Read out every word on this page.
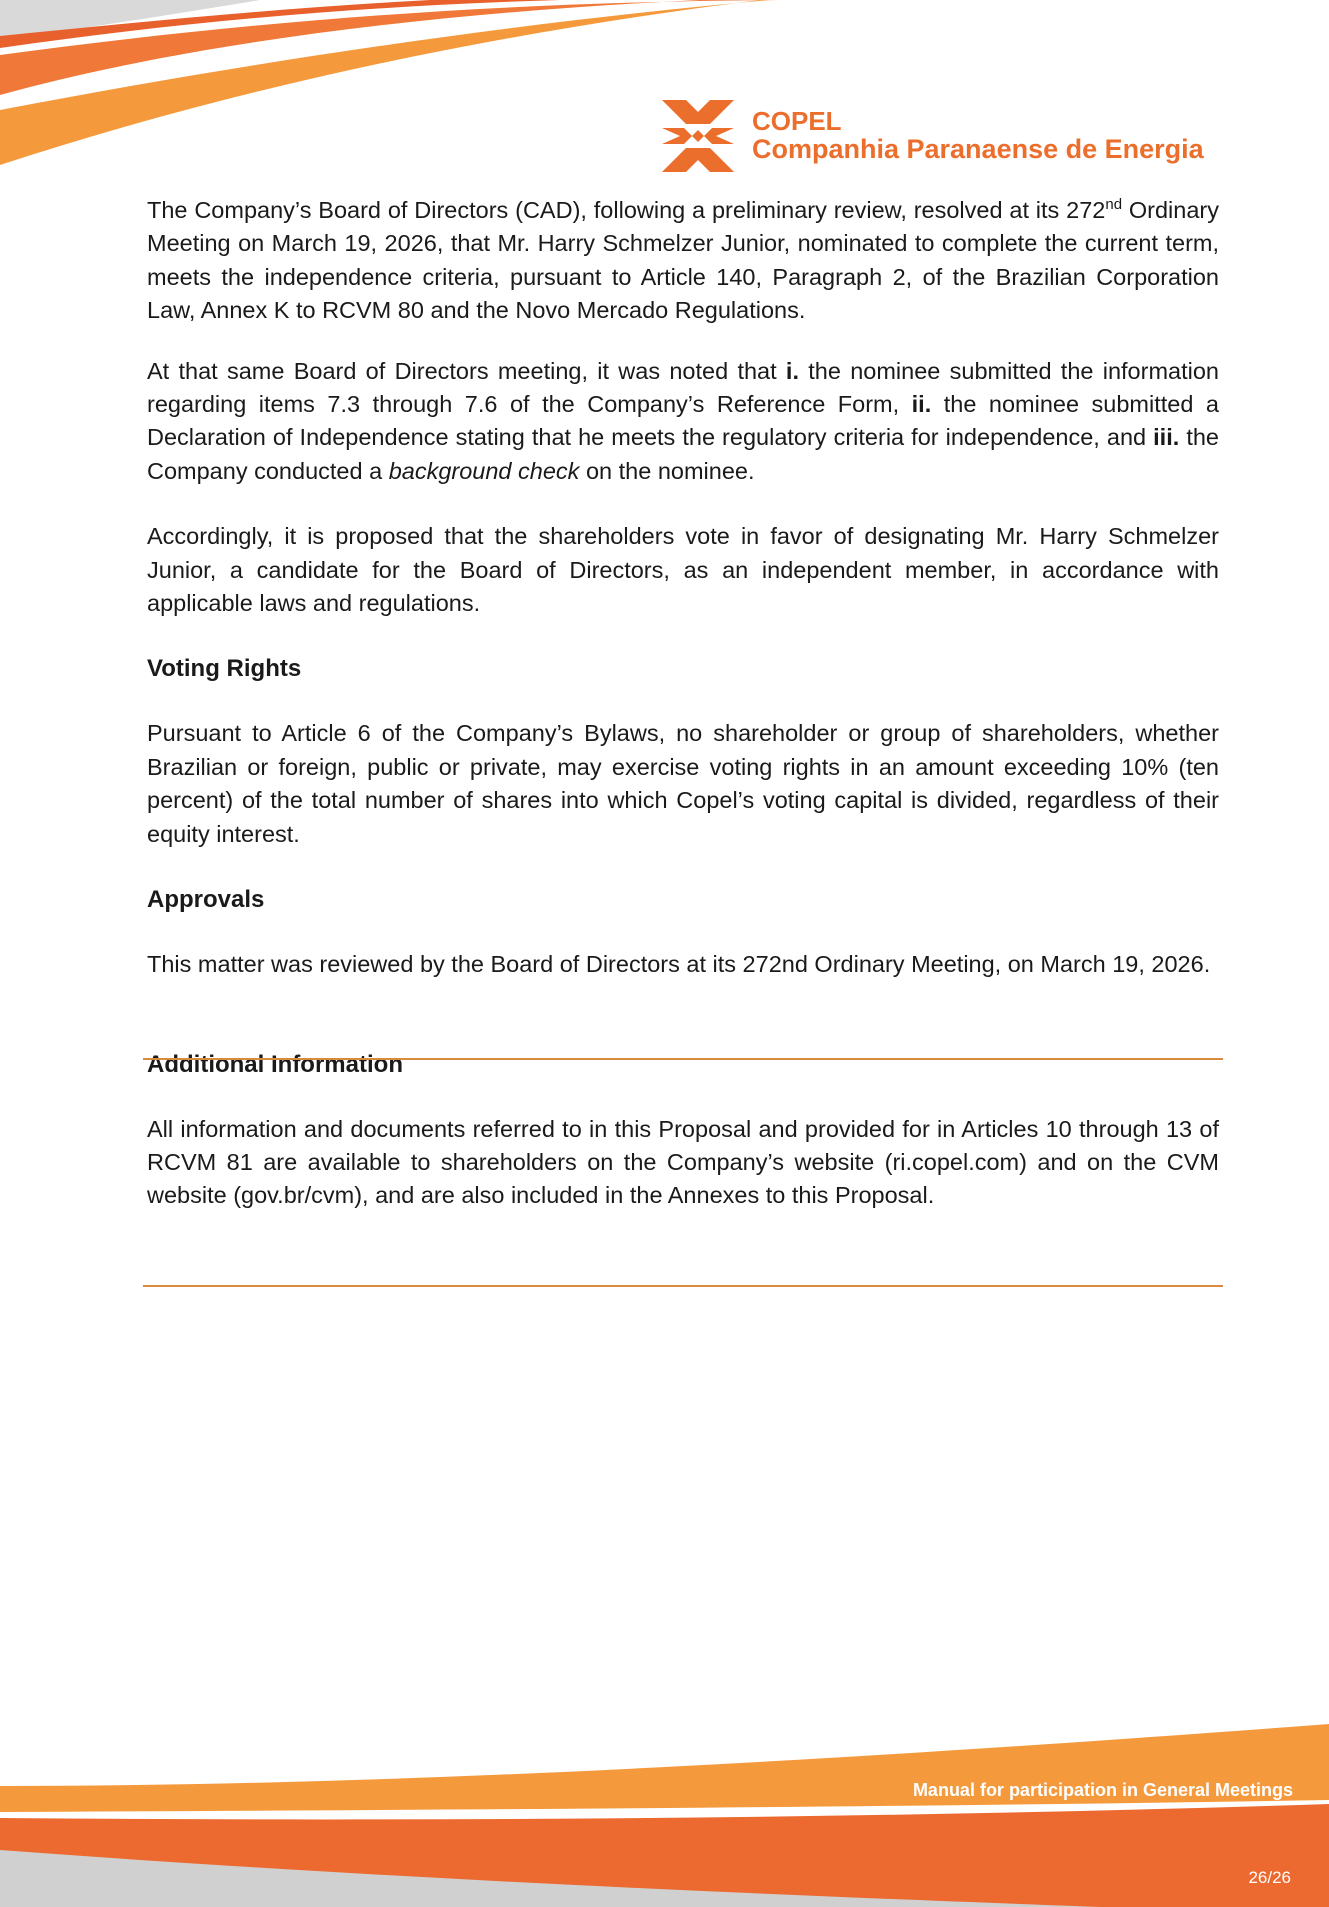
COPEL
Companhia Paranaense de Energia

The Company’s Board of Directors (CAD), following a preliminary review, resolved at its 272nd Ordinary Meeting on March 19, 2026, that Mr. Harry Schmelzer Junior, nominated to complete the current term, meets the independence criteria, pursuant to Article 140, Paragraph 2, of the Brazilian Corporation Law, Annex K to RCVM 80 and the Novo Mercado Regulations.

At that same Board of Directors meeting, it was noted that i. the nominee submitted the information regarding items 7.3 through 7.6 of the Company’s Reference Form, ii. the nominee submitted a Declaration of Independence stating that he meets the regulatory criteria for independence, and iii. the Company conducted a background check on the nominee.

Accordingly, it is proposed that the shareholders vote in favor of designating Mr. Harry Schmelzer Junior, a candidate for the Board of Directors, as an independent member, in accordance with applicable laws and regulations.

Voting Rights

Pursuant to Article 6 of the Company’s Bylaws, no shareholder or group of shareholders, whether Brazilian or foreign, public or private, may exercise voting rights in an amount exceeding 10% (ten percent) of the total number of shares into which Copel’s voting capital is divided, regardless of their equity interest.

Approvals

This matter was reviewed by the Board of Directors at its 272nd Ordinary Meeting, on March 19, 2026.

Additional Information

All information and documents referred to in this Proposal and provided for in Articles 10 through 13 of RCVM 81 are available to shareholders on the Company’s website (ri.copel.com) and on the CVM website (gov.br/cvm), and are also included in the Annexes to this Proposal.

Manual for participation in General Meetings
26/26
